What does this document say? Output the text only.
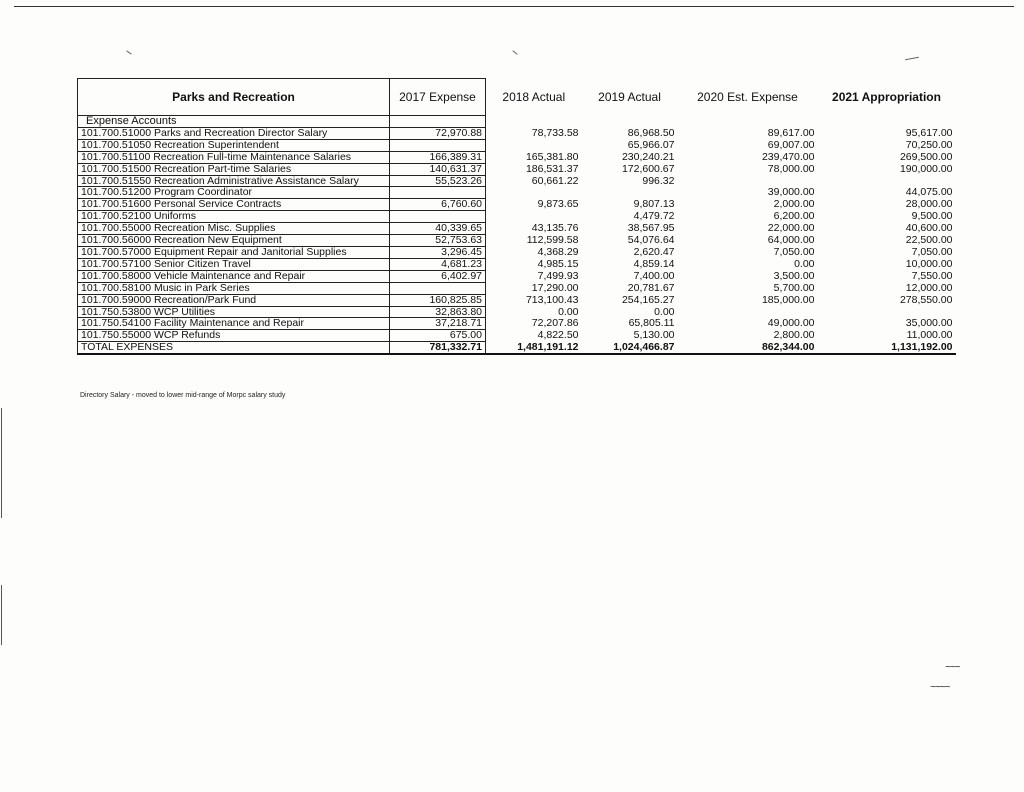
~~~
~~~~
Parks and Recreation	2017 Expense	2018 Actual	2019 Actual	2020 Est. Expense	2021 Appropriation
Expense Accounts					
101.700.51000 Parks and Recreation Director Salary	72,970.88	78,733.58	86,968.50	89,617.00	95,617.00
101.700.51050 Recreation Superintendent			65,966.07	69,007.00	70,250.00
101.700.51100 Recreation Full-time Maintenance Salaries	166,389.31	165,381.80	230,240.21	239,470.00	269,500.00
101.700.51500 Recreation Part-time Salaries	140,631.37	186,531.37	172,600.67	78,000.00	190,000.00
101.700.51550 Recreation Administrative Assistance Salary	55,523.26	60,661.22	996.32		
101.700.51200 Program Coordinator				39,000.00	44,075.00
101.700.51600 Personal Service Contracts	6,760.60	9,873.65	9,807.13	2,000.00	28,000.00
101.700.52100 Uniforms			4,479.72	6,200.00	9,500.00
101.700.55000 Recreation Misc. Supplies	40,339.65	43,135.76	38,567.95	22,000.00	40,600.00
101.700.56000 Recreation New Equipment	52,753.63	112,599.58	54,076.64	64,000.00	22,500.00
101.700.57000 Equipment Repair and Janitorial Supplies	3,296.45	4,368.29	2,620.47	7,050.00	7,050.00
101.700.57100 Senior Citizen Travel	4,681.23	4,985.15	4,859.14	0.00	10,000.00
101.700.58000 Vehicle Maintenance and Repair	6,402.97	7,499.93	7,400.00	3,500.00	7,550.00
101.700.58100 Music in Park Series		17,290.00	20,781.67	5,700.00	12,000.00
101.700.59000 Recreation/Park Fund	160,825.85	713,100.43	254,165.27	185,000.00	278,550.00
101.750.53800 WCP Utilities	32,863.80	0.00	0.00		
101.750.54100 Facility Maintenance and Repair	37,218.71	72,207.86	65,805.11	49,000.00	35,000.00
101.750.55000 WCP Refunds	675.00	4,822.50	5,130.00	2,800.00	11,000.00
TOTAL EXPENSES	781,332.71	1,481,191.12	1,024,466.87	862,344.00	1,131,192.00
Directory Salary - moved to lower mid-range of Morpc salary study
